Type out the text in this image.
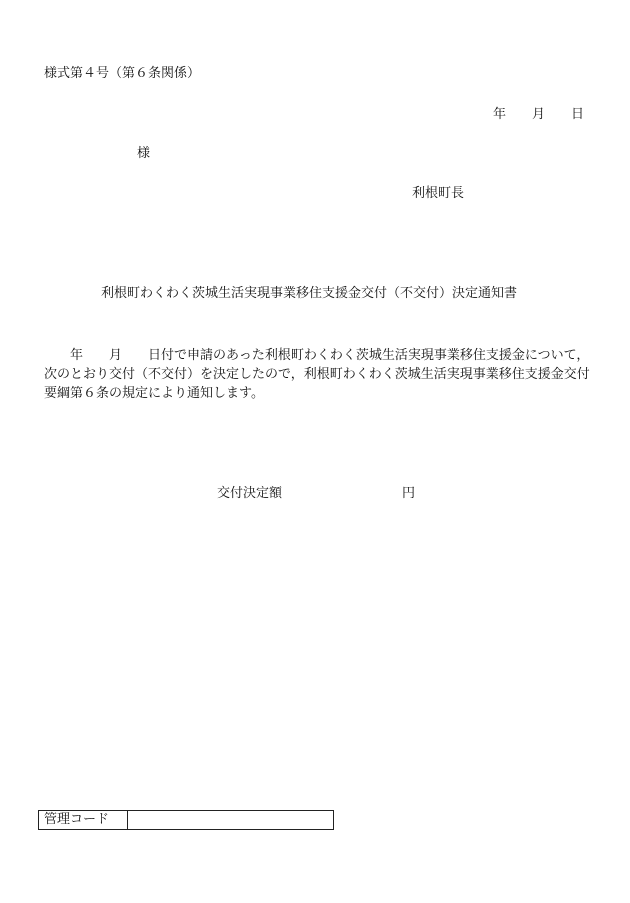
様式第４号（第６条関係）
年 月 日
様
利根町長
利根町わくわく茨城生活実現事業移住支援金交付（不交付）決定通知書
年 月 日付で申請のあった利根町わくわく茨城生活実現事業移住支援金について，次のとおり交付（不交付）を決定したので，利根町わくわく茨城生活実現事業移住支援金交付要綱第６条の規定により通知します。
交付決定額	円
管理コード
